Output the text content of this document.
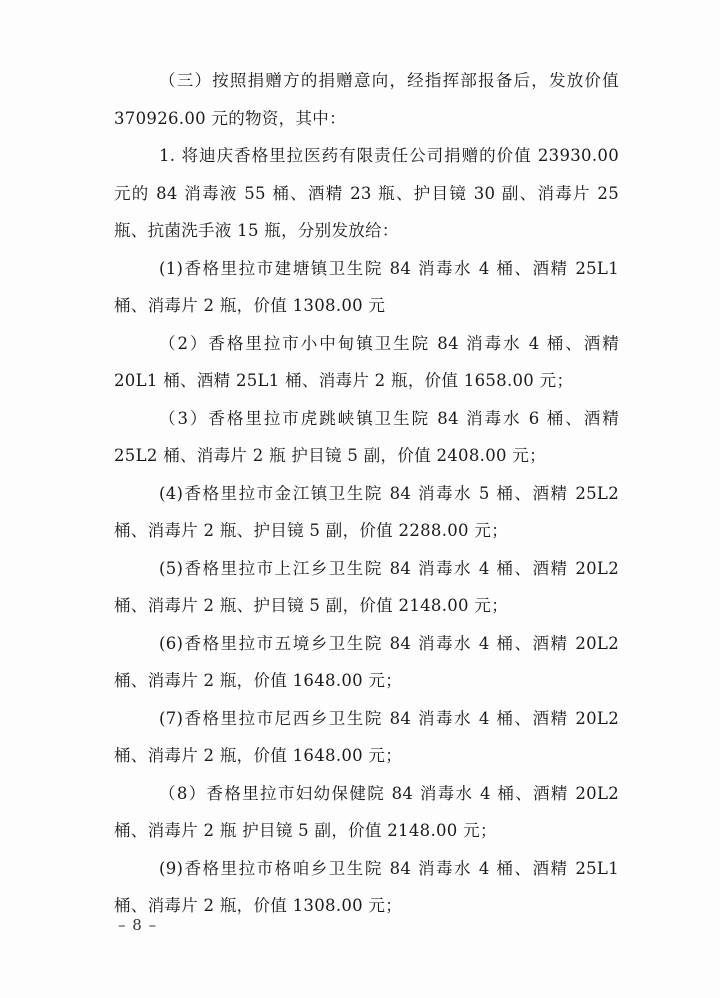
（三）按照捐赠方的捐赠意向，经指挥部报备后，发放价值 370926.00 元的物资，其中：

1. 将迪庆香格里拉医药有限责任公司捐赠的价值 23930.00 元的 84 消毒液 55 桶、酒精 23 瓶、护目镜 30 副、消毒片 25 瓶、抗菌洗手液 15 瓶，分别发放给：

(1)香格里拉市建塘镇卫生院 84 消毒水 4 桶、酒精 25L1 桶、消毒片 2 瓶，价值 1308.00 元

（2）香格里拉市小中甸镇卫生院 84 消毒水 4 桶、酒精 20L1 桶、酒精 25L1 桶、消毒片 2 瓶，价值 1658.00 元；

（3）香格里拉市虎跳峡镇卫生院 84 消毒水 6 桶、酒精 25L2 桶、消毒片 2 瓶 护目镜 5 副，价值 2408.00 元；

(4)香格里拉市金江镇卫生院 84 消毒水 5 桶、酒精 25L2 桶、消毒片 2 瓶、护目镜 5 副，价值 2288.00 元；

(5)香格里拉市上江乡卫生院 84 消毒水 4 桶、酒精 20L2 桶、消毒片 2 瓶、护目镜 5 副，价值 2148.00 元；

(6)香格里拉市五境乡卫生院 84 消毒水 4 桶、酒精 20L2 桶、消毒片 2 瓶，价值 1648.00 元；

(7)香格里拉市尼西乡卫生院 84 消毒水 4 桶、酒精 20L2 桶、消毒片 2 瓶，价值 1648.00 元；

（8）香格里拉市妇幼保健院 84 消毒水 4 桶、酒精 20L2 桶、消毒片 2 瓶 护目镜 5 副，价值 2148.00 元；

(9)香格里拉市格咱乡卫生院 84 消毒水 4 桶、酒精 25L1 桶、消毒片 2 瓶，价值 1308.00 元；

– 8 –
